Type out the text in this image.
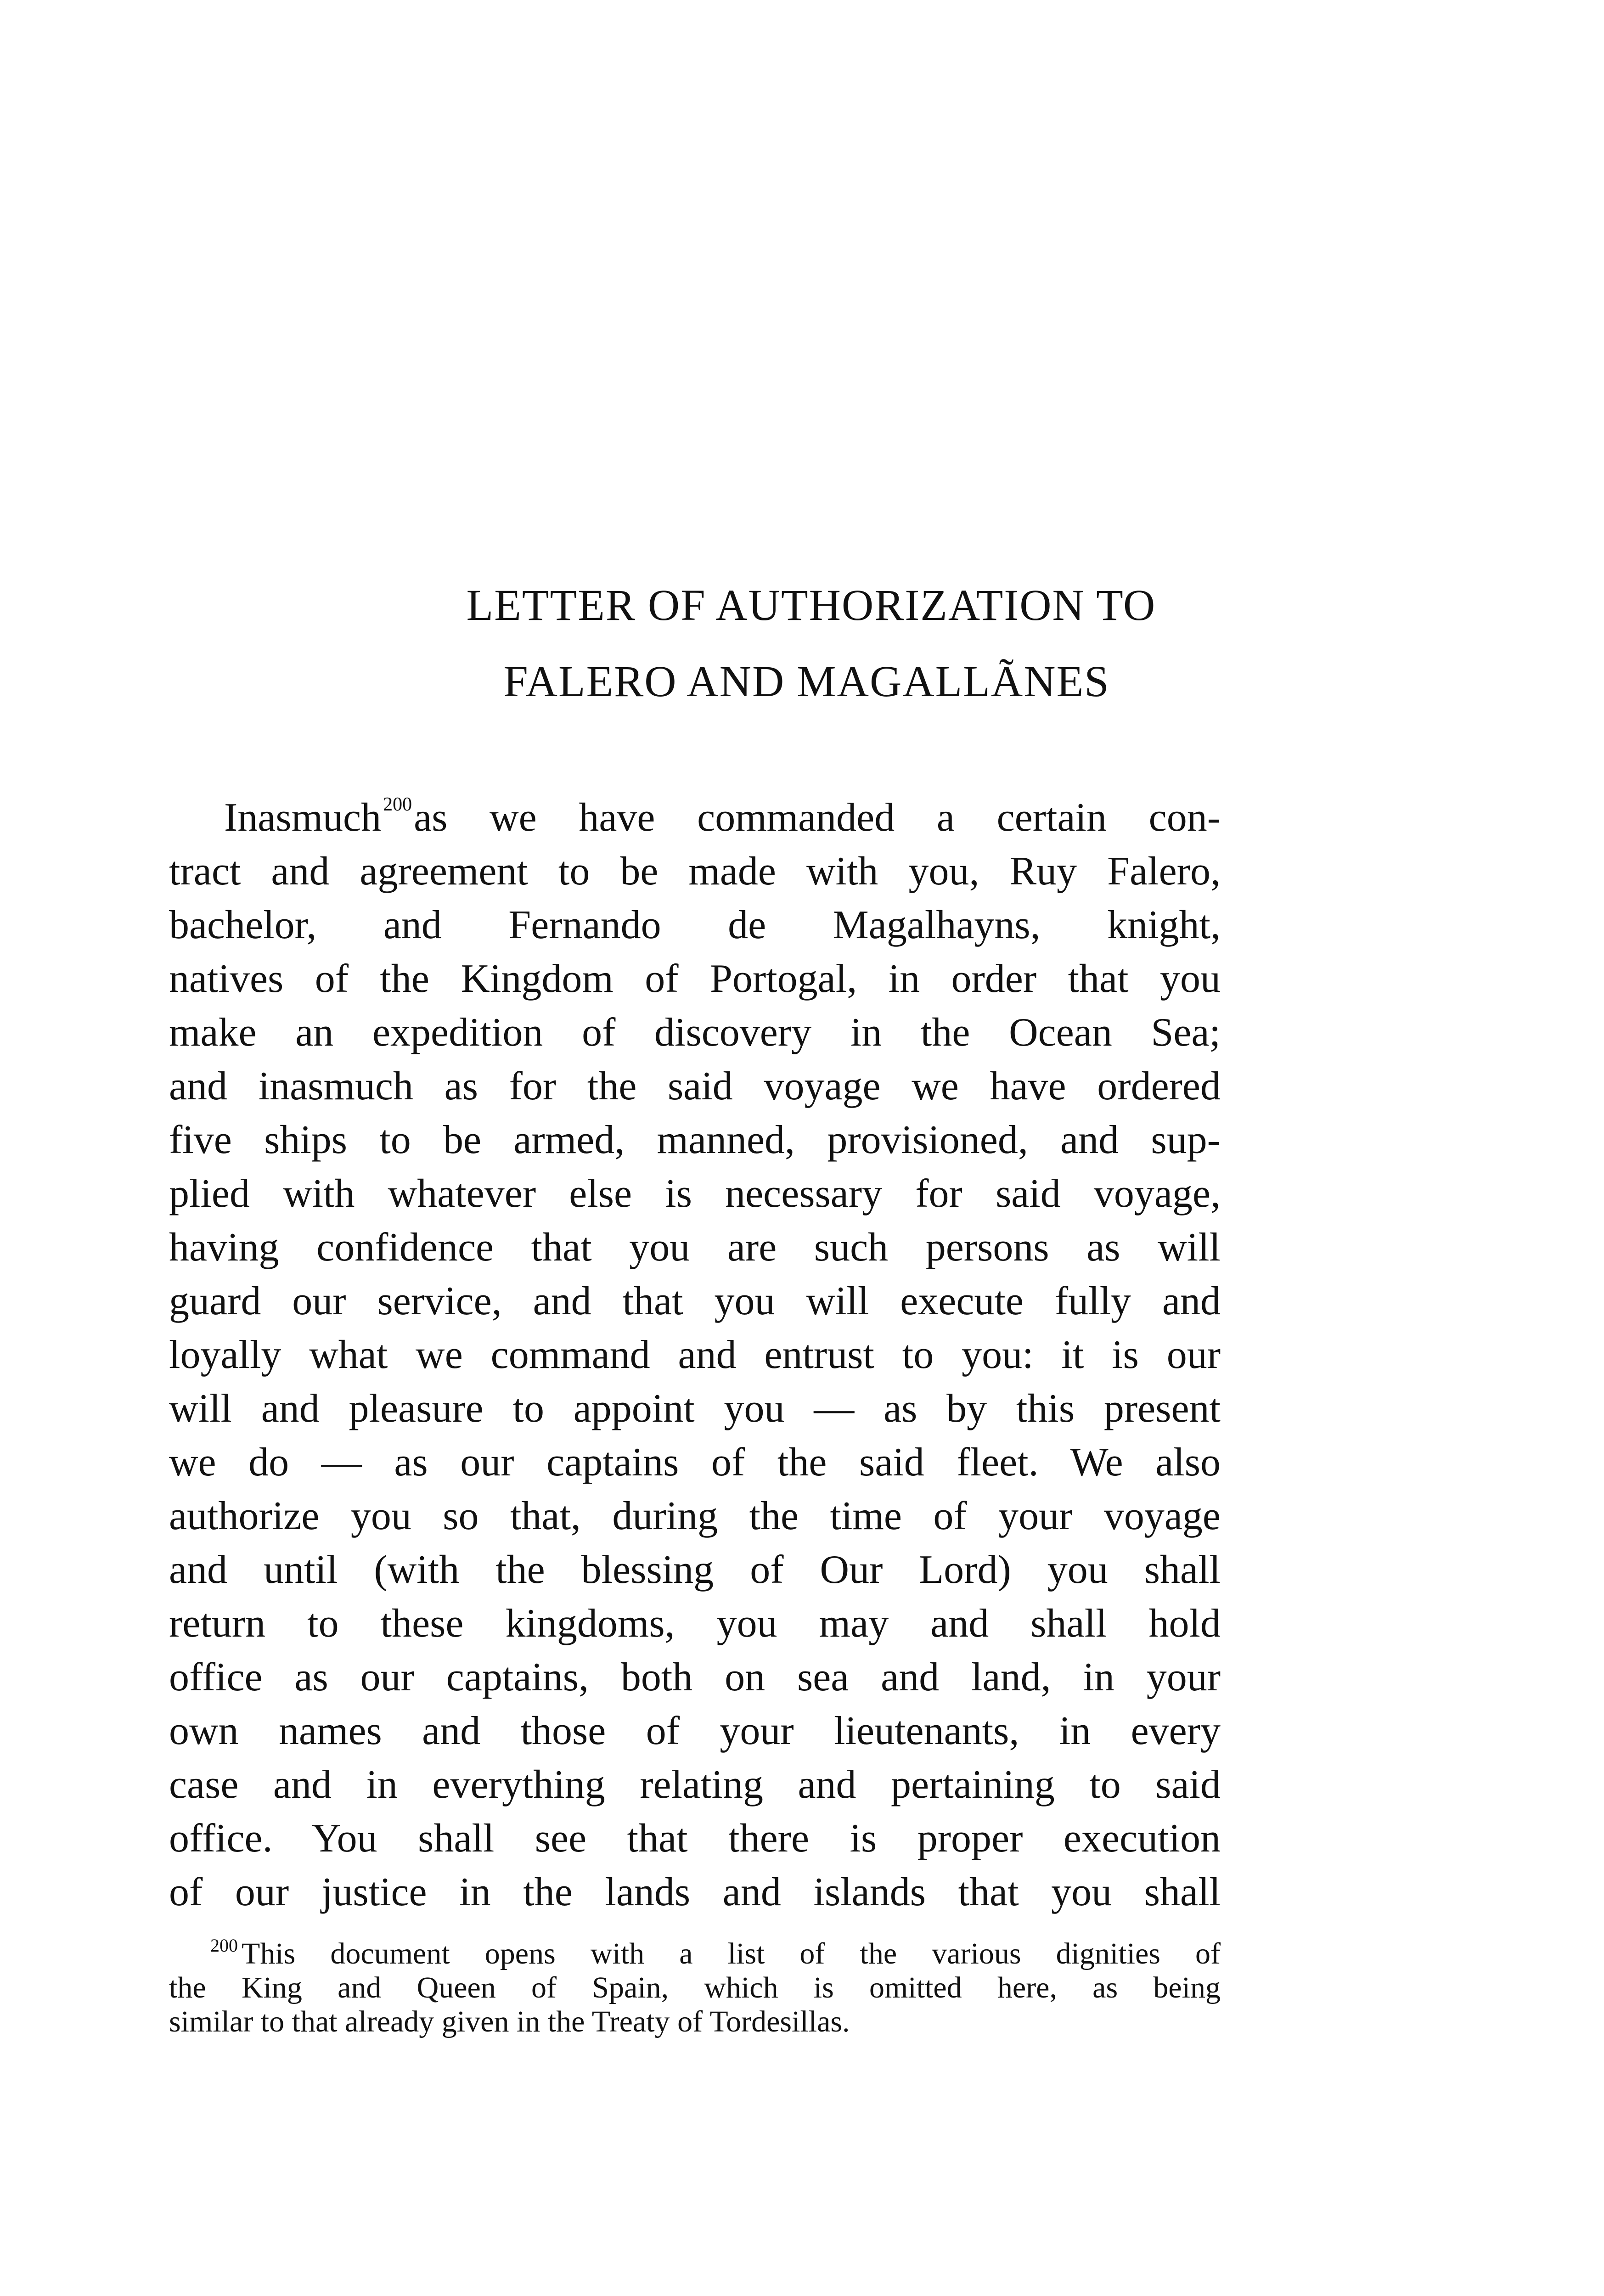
LETTER OF AUTHORIZATION TO
FALERO AND MAGALLÃNES
Inasmuch$^{200}$as we have commanded a certain con-
tract and agreement to be made with you, Ruy Falero,
bachelor, and Fernando de Magalhayns, knight,
natives of the Kingdom of Portogal, in order that you
make an expedition of discovery in the Ocean Sea;
and inasmuch as for the said voyage we have ordered
five ships to be armed, manned, provisioned, and sup-
plied with whatever else is necessary for said voyage,
having confidence that you are such persons as will
guard our service, and that you will execute fully and
loyally what we command and entrust to you: it is our
will and pleasure to appoint you — as by this present
we do — as our captains of the said fleet. We also
authorize you so that, during the time of your voyage
and until (with the blessing of Our Lord) you shall
return to these kingdoms, you may and shall hold
office as our captains, both on sea and land, in your
own names and those of your lieutenants, in every
case and in everything relating and pertaining to said
office. You shall see that there is proper execution
of our justice in the lands and islands that you shall
$^{200}$ This document opens with a list of the various dignities of
the King and Queen of Spain, which is omitted here, as being
similar to that already given in the Treaty of Tordesillas.
